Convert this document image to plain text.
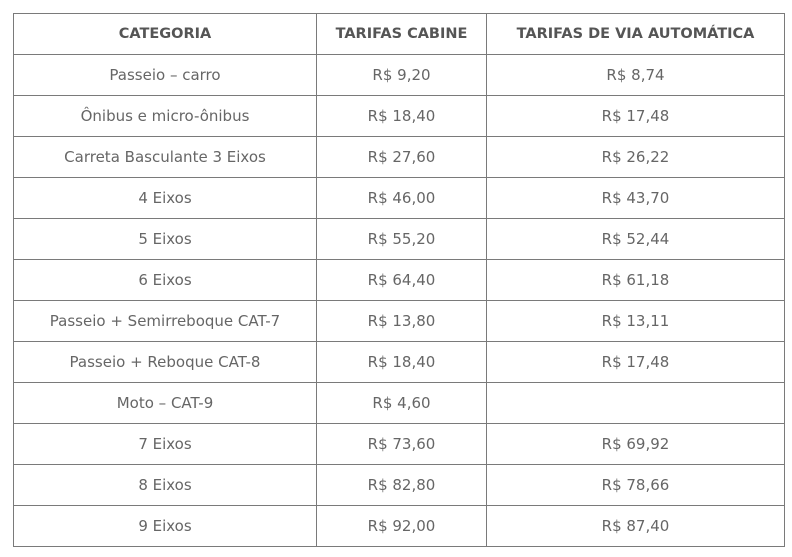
CATEGORIA	TARIFAS CABINE	TARIFAS DE VIA AUTOMÁTICA
Passeio – carro	R$ 9,20	R$ 8,74
Ônibus e micro-ônibus	R$ 18,40	R$ 17,48
Carreta Basculante 3 Eixos	R$ 27,60	R$ 26,22
4 Eixos	R$ 46,00	R$ 43,70
5 Eixos	R$ 55,20	R$ 52,44
6 Eixos	R$ 64,40	R$ 61,18
Passeio + Semirreboque CAT-7	R$ 13,80	R$ 13,11
Passeio + Reboque CAT-8	R$ 18,40	R$ 17,48
Moto – CAT-9	R$ 4,60	
7 Eixos	R$ 73,60	R$ 69,92
8 Eixos	R$ 82,80	R$ 78,66
9 Eixos	R$ 92,00	R$ 87,40
